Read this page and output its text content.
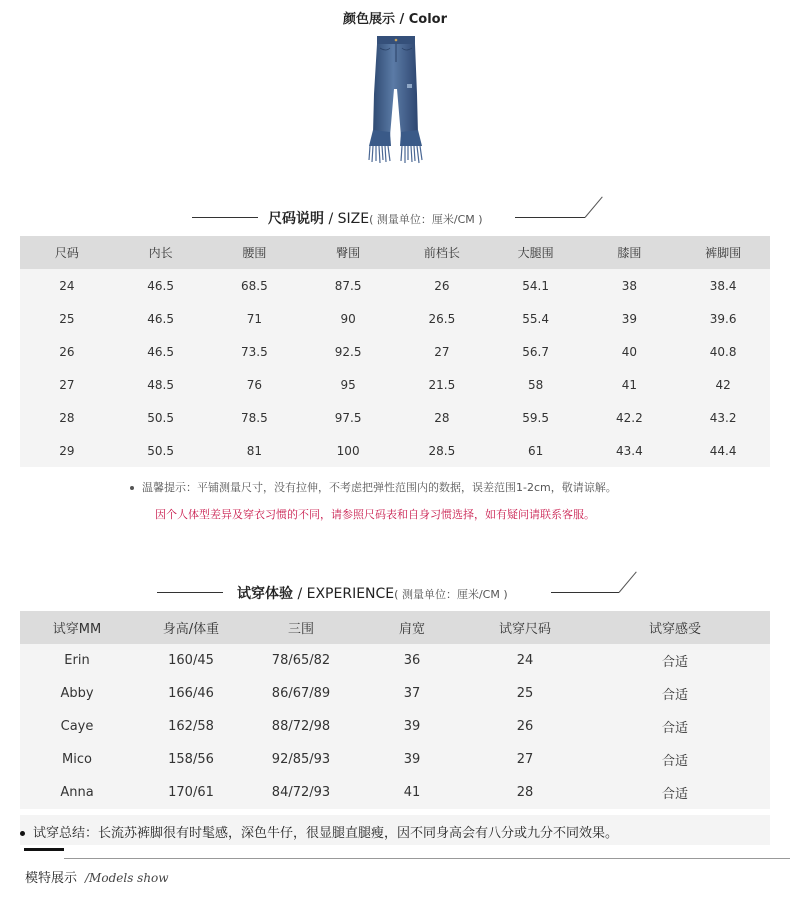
颜色展示 / Color
尺码说明 / SIZE( 测量单位：厘米/CM )
尺码	内长	腰围	臀围	前档长	大腿围	膝围	裤脚围
24	46.5	68.5	87.5	26	54.1	38	38.4
25	46.5	71	90	26.5	55.4	39	39.6
26	46.5	73.5	92.5	27	56.7	40	40.8
27	48.5	76	95	21.5	58	41	42
28	50.5	78.5	97.5	28	59.5	42.2	43.2
29	50.5	81	100	28.5	61	43.4	44.4
温馨提示：平铺测量尺寸，没有拉伸，不考虑把弹性范围内的数据，误差范围1-2cm，敬请谅解。
因个人体型差异及穿衣习惯的不同，请参照尺码表和自身习惯选择，如有疑问请联系客服。
试穿体验 / EXPERIENCE( 测量单位：厘米/CM )
试穿MM	身高/体重	三围	肩宽	试穿尺码	试穿感受
Erin	160/45	78/65/82	36	24	合适
Abby	166/46	86/67/89	37	25	合适
Caye	162/58	88/72/98	39	26	合适
Mico	158/56	92/85/93	39	27	合适
Anna	170/61	84/72/93	41	28	合适
试穿总结：长流苏裤脚很有时髦感，深色牛仔，很显腿直腿瘦，因不同身高会有八分或九分不同效果。
模特展示 /Models show
